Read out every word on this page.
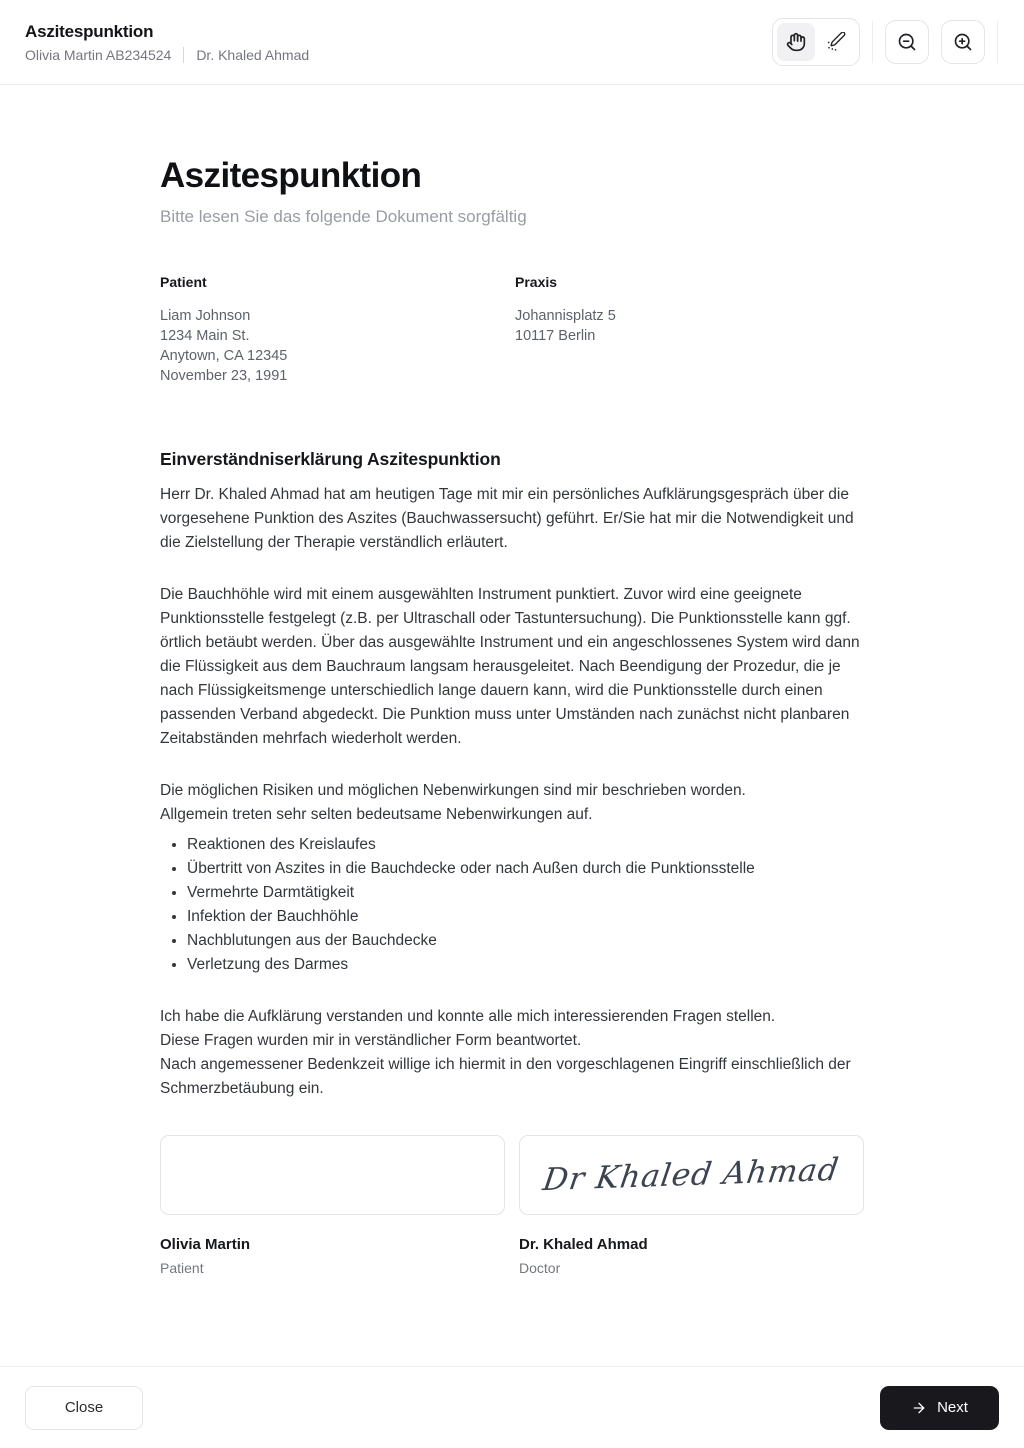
Aszitespunktion
Olivia Martin AB234524 Dr. Khaled Ahmad
Aszitespunktion
Bitte lesen Sie das folgende Dokument sorgfältig
Patient
Liam Johnson
1234 Main St.
Anytown, CA 12345
November 23, 1991
Praxis
Johannisplatz 5
10117 Berlin
Einverständniserklärung Aszitespunktion

Herr Dr. Khaled Ahmad hat am heutigen Tage mit mir ein persönliches Aufklärungsgespräch über die vorgesehene Punktion des Aszites (Bauchwassersucht) geführt. Er/Sie hat mir die Notwendigkeit und die Zielstellung der Therapie verständlich erläutert.

Die Bauchhöhle wird mit einem ausgewählten Instrument punktiert. Zuvor wird eine geeignete Punktionsstelle festgelegt (z.B. per Ultraschall oder Tastuntersuchung). Die Punktionsstelle kann ggf. örtlich betäubt werden. Über das ausgewählte Instrument und ein angeschlossenes System wird dann die Flüssigkeit aus dem Bauchraum langsam herausgeleitet. Nach Beendigung der Prozedur, die je nach Flüssigkeitsmenge unterschiedlich lange dauern kann, wird die Punktionsstelle durch einen passenden Verband abgedeckt. Die Punktion muss unter Umständen nach zunächst nicht planbaren Zeitabständen mehrfach wiederholt werden.

Die möglichen Risiken und möglichen Nebenwirkungen sind mir beschrieben worden.
Allgemein treten sehr selten bedeutsame Nebenwirkungen auf.

• Reaktionen des Kreislaufes
• Übertritt von Aszites in die Bauchdecke oder nach Außen durch die Punktionsstelle
• Vermehrte Darmtätigkeit
• Infektion der Bauchhöhle
• Nachblutungen aus der Bauchdecke
• Verletzung des Darmes

Ich habe die Aufklärung verstanden und konnte alle mich interessierenden Fragen stellen.
Diese Fragen wurden mir in verständlicher Form beantwortet.
Nach angemessener Bedenkzeit willige ich hiermit in den vorgeschlagenen Eingriff einschließlich der Schmerzbetäubung ein.

Olivia Martin
Patient
Dr Khaled Ahmad
Dr. Khaled Ahmad
Doctor
Close	Next
